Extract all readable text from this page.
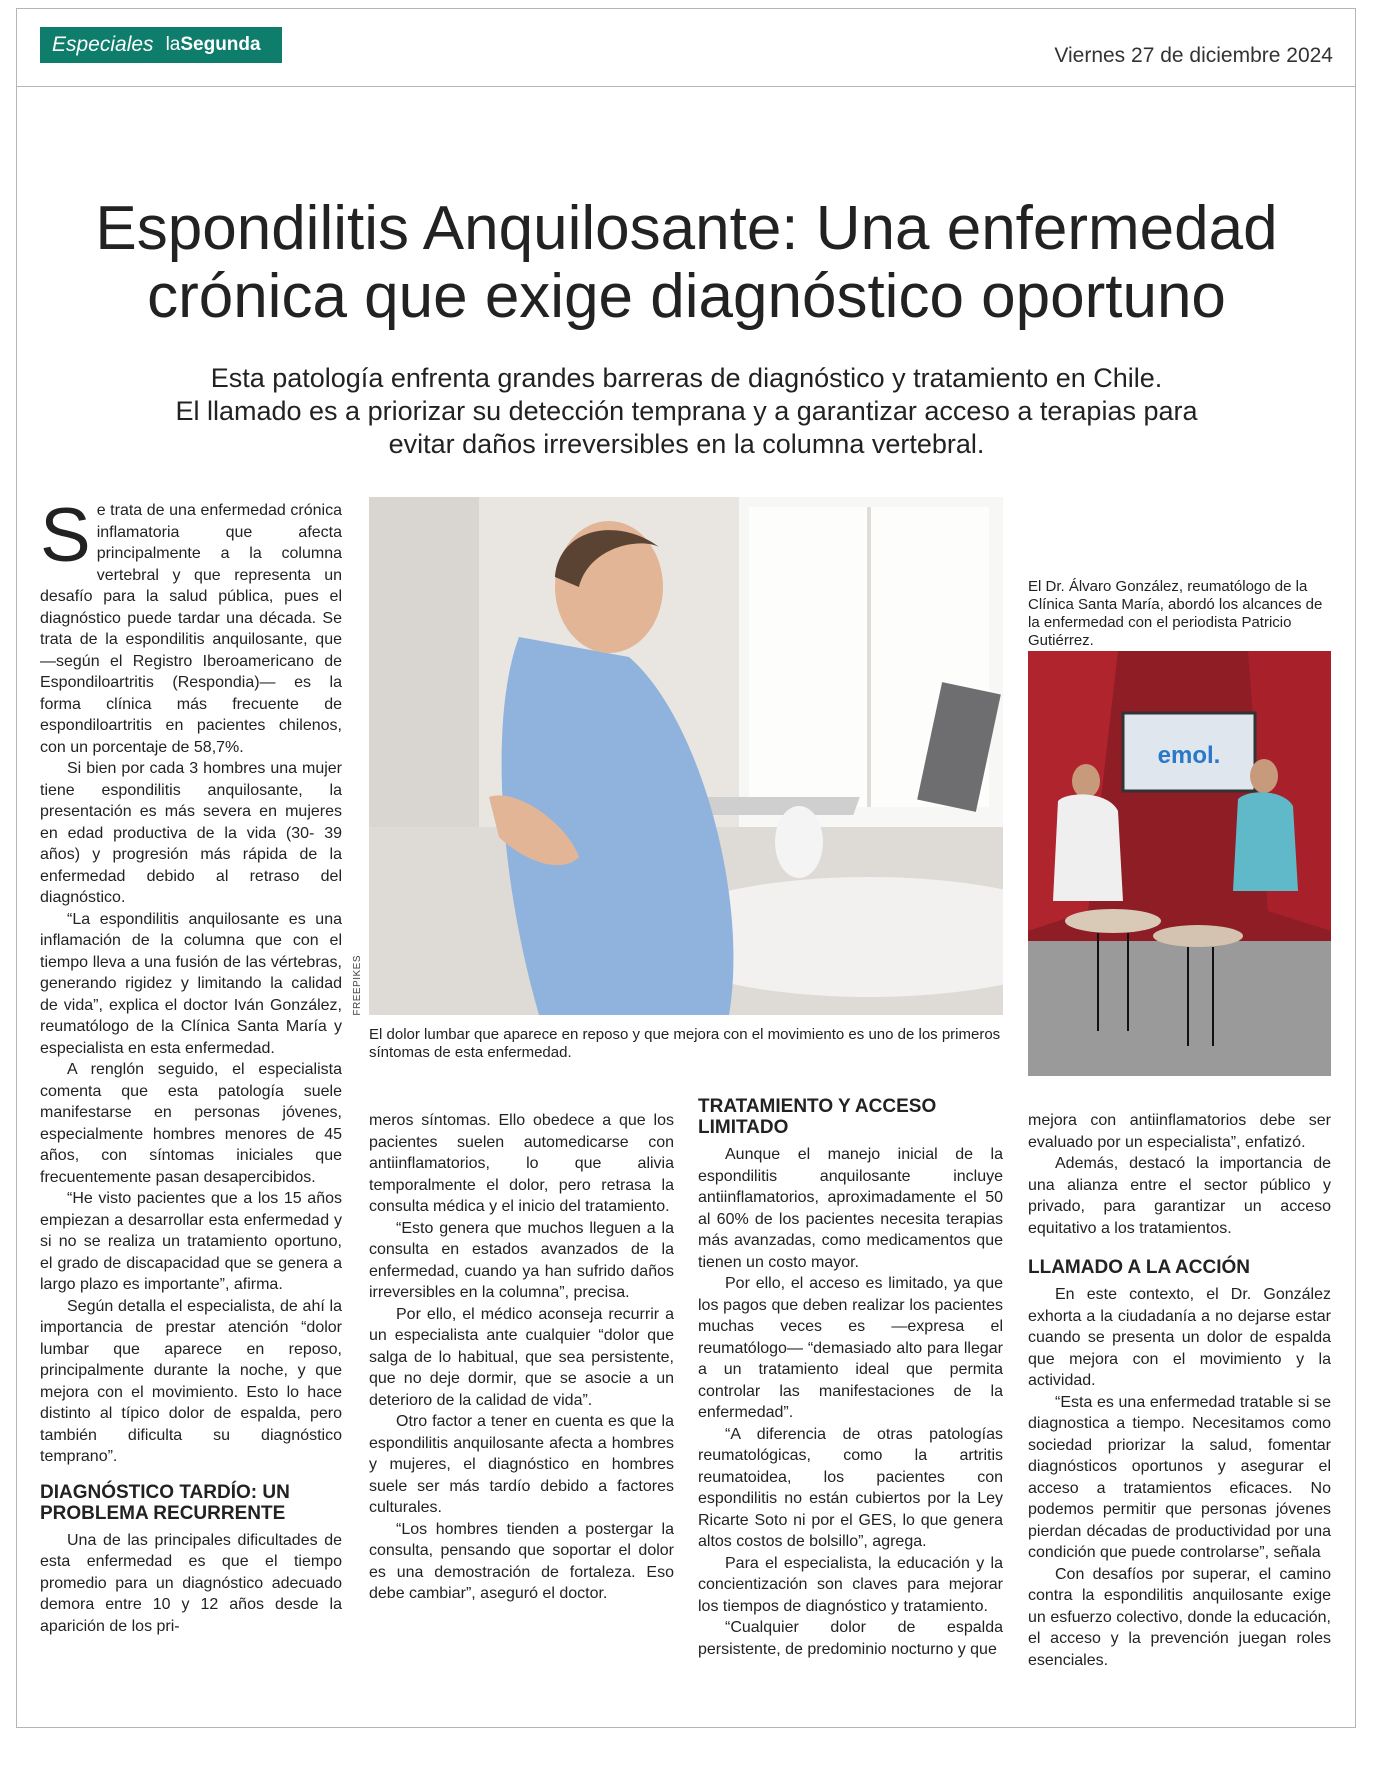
Especiales la Segunda	Viernes 27 de diciembre 2024
Espondilitis Anquilosante: Una enfermedad
crónica que exige diagnóstico oportuno

Esta patología enfrenta grandes barreras de diagnóstico y tratamiento en Chile.

El llamado es a priorizar su detección temprana y a garantizar acceso a terapias para

evitar daños irreversibles en la columna vertebral.

S e trata de una enfermedad crónica inflamatoria que afecta principalmente a la columna vertebral y que representa un desafío para la salud pública, pues el diagnóstico puede tardar una década. Se trata de la espondilitis anquilosante, que —según el Registro Iberoamericano de Espondiloartritis (Respondia)— es la forma clínica más frecuente de espondiloartritis en pacientes chilenos, con un porcentaje de 58,7%.

Si bien por cada 3 hombres una mujer tiene espondilitis anquilosante, la presentación es más severa en mujeres en edad productiva de la vida (30- 39 años) y progresión más rápida de la enfermedad debido al retraso del diagnóstico.

“La espondilitis anquilosante es una inflamación de la columna que con el tiempo lleva a una fusión de las vértebras, generando rigidez y limitando la calidad de vida”, explica el doctor Iván González, reumatólogo de la Clínica Santa María y especialista en esta enfermedad.

A renglón seguido, el especialista comenta que esta patología suele manifestarse en personas jóvenes, especialmente hombres menores de 45 años, con síntomas iniciales que frecuentemente pasan desapercibidos.

“He visto pacientes que a los 15 años empiezan a desarrollar esta enfermedad y si no se realiza un tratamiento oportuno, el grado de discapacidad que se genera a largo plazo es importante”, afirma.

Según detalla el especialista, de ahí la importancia de prestar atención “dolor lumbar que aparece en reposo, principalmente durante la noche, y que mejora con el movimiento. Esto lo hace distinto al típico dolor de espalda, pero también dificulta su diagnóstico temprano”.

DIAGNÓSTICO TARDÍO: UN PROBLEMA RECURRENTE

Una de las principales dificultades de esta enfermedad es que el tiempo promedio para un diagnóstico adecuado demora entre 10 y 12 años desde la aparición de los pri-

FREEPIKES
El dolor lumbar que aparece en reposo y que mejora con el movimiento es uno de los primeros síntomas de esta enfermedad.
El Dr. Álvaro González, reumatólogo de la Clínica Santa María, abordó los alcances de la enfermedad con el periodista Patricio Gutiérrez.
emol.

meros síntomas. Ello obedece a que los pacientes suelen automedicarse con antiinflamatorios, lo que alivia temporalmente el dolor, pero retrasa la consulta médica y el inicio del tratamiento.

“Esto genera que muchos lleguen a la consulta en estados avanzados de la enfermedad, cuando ya han sufrido daños irreversibles en la columna”, precisa.

Por ello, el médico aconseja recurrir a un especialista ante cualquier “dolor que salga de lo habitual, que sea persistente, que no deje dormir, que se asocie a un deterioro de la calidad de vida”.

Otro factor a tener en cuenta es que la espondilitis anquilosante afecta a hombres y mujeres, el diagnóstico en hombres suele ser más tardío debido a factores culturales.

“Los hombres tienden a postergar la consulta, pensando que soportar el dolor es una demostración de fortaleza. Eso debe cambiar”, aseguró el doctor.

TRATAMIENTO Y ACCESO LIMITADO

Aunque el manejo inicial de la espondilitis anquilosante incluye antiinflamatorios, aproximadamente el 50 al 60% de los pacientes necesita terapias más avanzadas, como medicamentos que tienen un costo mayor.

Por ello, el acceso es limitado, ya que los pagos que deben realizar los pacientes muchas veces es —expresa el reumatólogo— “demasiado alto para llegar a un tratamiento ideal que permita controlar las manifestaciones de la enfermedad”.

“A diferencia de otras patologías reumatológicas, como la artritis reumatoidea, los pacientes con espondilitis no están cubiertos por la Ley Ricarte Soto ni por el GES, lo que genera altos costos de bolsillo”, agrega.

Para el especialista, la educación y la concientización son claves para mejorar los tiempos de diagnóstico y tratamiento.

“Cualquier dolor de espalda persistente, de predominio nocturno y que

mejora con antiinflamatorios debe ser evaluado por un especialista”, enfatizó.

Además, destacó la importancia de una alianza entre el sector público y privado, para garantizar un acceso equitativo a los tratamientos.

LLAMADO A LA ACCIÓN

En este contexto, el Dr. González exhorta a la ciudadanía a no dejarse estar cuando se presenta un dolor de espalda que mejora con el movimiento y la actividad.

“Esta es una enfermedad tratable si se diagnostica a tiempo. Necesitamos como sociedad priorizar la salud, fomentar diagnósticos oportunos y asegurar el acceso a tratamientos eficaces. No podemos permitir que personas jóvenes pierdan décadas de productividad por una condición que puede controlarse”, señala

Con desafíos por superar, el camino contra la espondilitis anquilosante exige un esfuerzo colectivo, donde la educación, el acceso y la prevención juegan roles esenciales.
